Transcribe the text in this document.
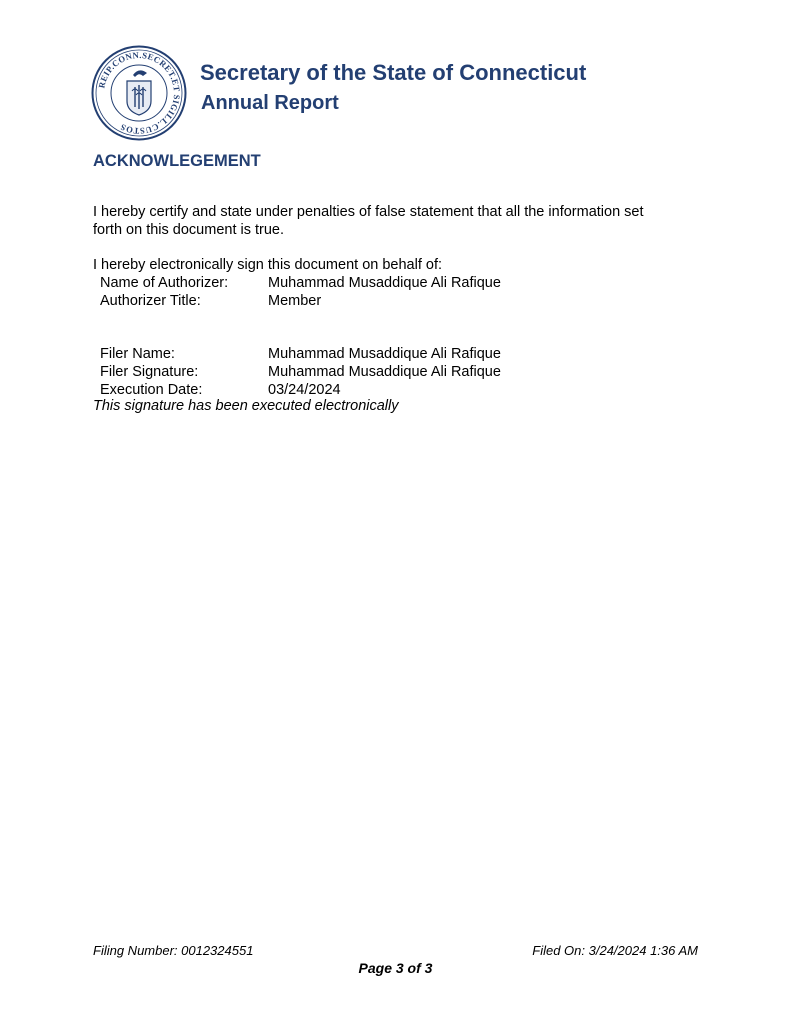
REIP.CONN.SECRET.ET SIGILL.CUSTOS
Secretary of the State of Connecticut
Annual Report
ACKNOWLEGEMENT
I hereby certify and state under penalties of false statement that all the information set
forth on this document is true.
I hereby electronically sign this document on behalf of:
Name of Authorizer:	Muhammad Musaddique Ali Rafique
Authorizer Title:	Member
Filer Name:	Muhammad Musaddique Ali Rafique
Filer Signature:	Muhammad Musaddique Ali Rafique
Execution Date:	03/24/2024
This signature has been executed electronically
Filing Number: 0012324551	Filed On: 3/24/2024 1:36 AM
Page 3 of 3
